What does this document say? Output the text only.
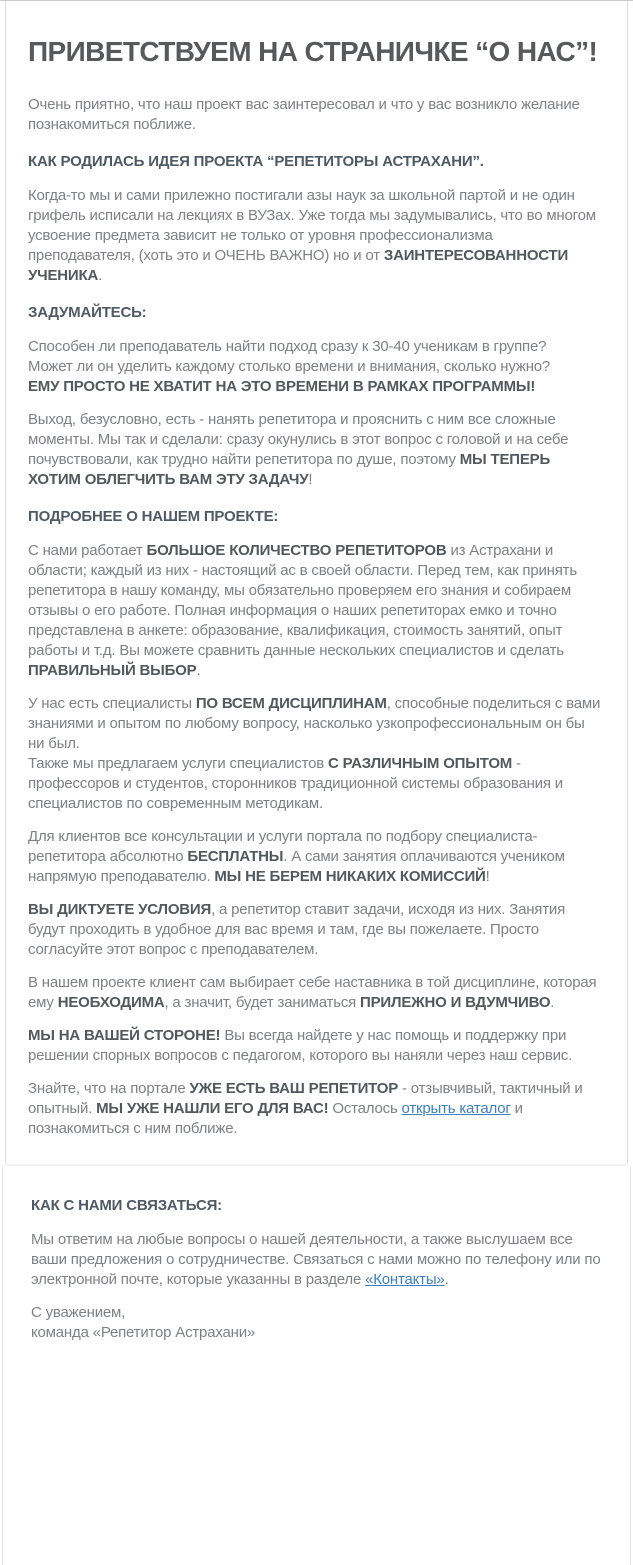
ПРИВЕТСТВУЕМ НА СТРАНИЧКЕ “О НАС”!

Очень приятно, что наш проект вас заинтересовал и что у вас возникло желание познакомиться поближе.

КАК РОДИЛАСЬ ИДЕЯ ПРОЕКТА “РЕПЕТИТОРЫ АСТРАХАНИ”.

Когда-то мы и сами прилежно постигали азы наук за школьной партой и не один грифель исписали на лекциях в ВУЗах. Уже тогда мы задумывались, что во многом усвоение предмета зависит не только от уровня профессионализма преподавателя, (хоть это и ОЧЕНЬ ВАЖНО) но и от ЗАИНТЕРЕСОВАННОСТИ УЧЕНИКА.

ЗАДУМАЙТЕСЬ:

Способен ли преподаватель найти подход сразу к 30-40 ученикам в группе?
Может ли он уделить каждому столько времени и внимания, сколько нужно?
ЕМУ ПРОСТО НЕ ХВАТИТ НА ЭТО ВРЕМЕНИ В РАМКАХ ПРОГРАММЫ!

Выход, безусловно, есть - нанять репетитора и прояснить с ним все сложные моменты. Мы так и сделали: сразу окунулись в этот вопрос с головой и на себе почувствовали, как трудно найти репетитора по душе, поэтому МЫ ТЕПЕРЬ ХОТИМ ОБЛЕГЧИТЬ ВАМ ЭТУ ЗАДАЧУ!

ПОДРОБНЕЕ О НАШЕМ ПРОЕКТЕ:

С нами работает БОЛЬШОЕ КОЛИЧЕСТВО РЕПЕТИТОРОВ из Астрахани и области; каждый из них - настоящий ас в своей области. Перед тем, как принять репетитора в нашу команду, мы обязательно проверяем его знания и собираем отзывы о его работе. Полная информация о наших репетиторах емко и точно представлена в анкете: образование, квалификация, стоимость занятий, опыт работы и т.д. Вы можете сравнить данные нескольких специалистов и сделать ПРАВИЛЬНЫЙ ВЫБОР.

У нас есть специалисты ПО ВСЕМ ДИСЦИПЛИНАМ, способные поделиться с вами знаниями и опытом по любому вопросу, насколько узкопрофессиональным он бы ни был.
Также мы предлагаем услуги специалистов С РАЗЛИЧНЫМ ОПЫТОМ - профессоров и студентов, сторонников традиционной системы образования и специалистов по современным методикам.

Для клиентов все консультации и услуги портала по подбору специалиста-репетитора абсолютно БЕСПЛАТНЫ. А сами занятия оплачиваются учеником напрямую преподавателю. МЫ НЕ БЕРЕМ НИКАКИХ КОМИССИЙ!

ВЫ ДИКТУЕТЕ УСЛОВИЯ, а репетитор ставит задачи, исходя из них. Занятия будут проходить в удобное для вас время и там, где вы пожелаете. Просто согласуйте этот вопрос с преподавателем.

В нашем проекте клиент сам выбирает себе наставника в той дисциплине, которая ему НЕОБХОДИМА, а значит, будет заниматься ПРИЛЕЖНО И ВДУМЧИВО.

МЫ НА ВАШЕЙ СТОРОНЕ! Вы всегда найдете у нас помощь и поддержку при решении спорных вопросов с педагогом, которого вы наняли через наш сервис.

Знайте, что на портале УЖЕ ЕСТЬ ВАШ РЕПЕТИТОР - отзывчивый, тактичный и опытный. МЫ УЖЕ НАШЛИ ЕГО ДЛЯ ВАС! Осталось открыть каталог и познакомиться с ним поближе.

КАК С НАМИ СВЯЗАТЬСЯ:

Мы ответим на любые вопросы о нашей деятельности, а также выслушаем все ваши предложения о сотрудничестве. Связаться с нами можно по телефону или по электронной почте, которые указанны в разделе «Контакты».

С уважением,
команда «Репетитор Астрахани»
